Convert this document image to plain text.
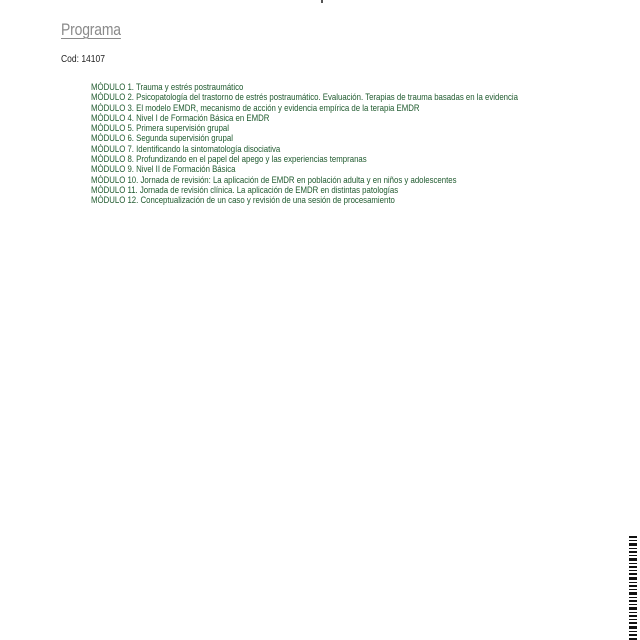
Programa
Cod: 14107
MÓDULO 1. Trauma y estrés postraumático
MÓDULO 2. Psicopatología del trastorno de estrés postraumático. Evaluación. Terapias de trauma basadas en la evidencia
MÓDULO 3. El modelo EMDR, mecanismo de acción y evidencia empírica de la terapia EMDR
MÓDULO 4. Nivel I de Formación Básica en EMDR
MÓDULO 5. Primera supervisión grupal
MÓDULO 6. Segunda supervisión grupal
MÓDULO 7. Identificando la sintomatología disociativa
MÓDULO 8. Profundizando en el papel del apego y las experiencias tempranas
MÓDULO 9. Nivel II de Formación Básica
MÓDULO 10. Jornada de revisión: La aplicación de EMDR en población adulta y en niños y adolescentes
MÓDULO 11. Jornada de revisión clínica. La aplicación de EMDR en distintas patologías
MÓDULO 12. Conceptualización de un caso y revisión de una sesión de procesamiento
